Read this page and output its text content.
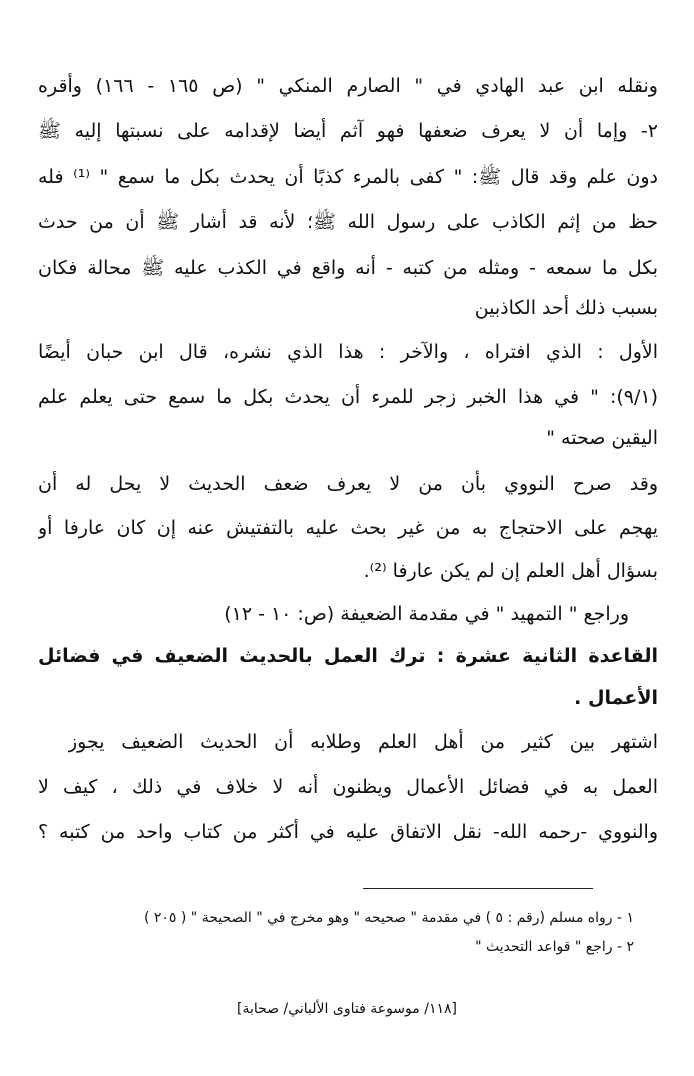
ونقله ابن عبد الهادي في " الصارم المنكي " (ص ١٦٥ - ١٦٦) وأقره
٢- وإما أن لا يعرف ضعفها فهو آثم أيضا لإقدامه على نسبتها إليه ﷺ
دون علم وقد قال ﷺ: " كفى بالمرء كذبًا أن يحدث بكل ما سمع " ⁽¹⁾ فله
حظ من إثم الكاذب على رسول الله ﷺ؛ لأنه قد أشار ﷺ أن من حدث
بكل ما سمعه - ومثله من كتبه - أنه واقع في الكذب عليه ﷺ محالة فكان
بسبب ذلك أحد الكاذبين
الأول : الذي افتراه ، والآخر : هذا الذي نشره، قال ابن حبان أيضًا
(٩/١): " في هذا الخبر زجر للمرء أن يحدث بكل ما سمع حتى يعلم علم
اليقين صحته "
وقد صرح النووي بأن من لا يعرف ضعف الحديث لا يحل له أن
يهجم على الاحتجاج به من غير بحث عليه بالتفتيش عنه إن كان عارفا أو
بسؤال أهل العلم إن لم يكن عارفا ⁽²⁾.
وراجع " التمهيد " في مقدمة الضعيفة (ص: ١٠ - ١٢)
القاعدة الثانية عشرة : ترك العمل بالحديث الضعيف في فضائل
الأعمال .
اشتهر بين كثير من أهل العلم وطلابه أن الحديث الضعيف يجوز
العمل به في فضائل الأعمال ويظنون أنه لا خلاف في ذلك ، كيف لا
والنووي -رحمه الله- نقل الاتفاق عليه في أكثر من كتاب واحد من كتبه ؟
١ - رواه مسلم (رقم : ٥ ) في مقدمة " صحيحه " وهو مخرج في " الصحيحة " ( ٢٠٥ )
٢ - راجع " قواعد التحديث "
[١١٨/ موسوعة فتاوى الألباني/ صحابة]
